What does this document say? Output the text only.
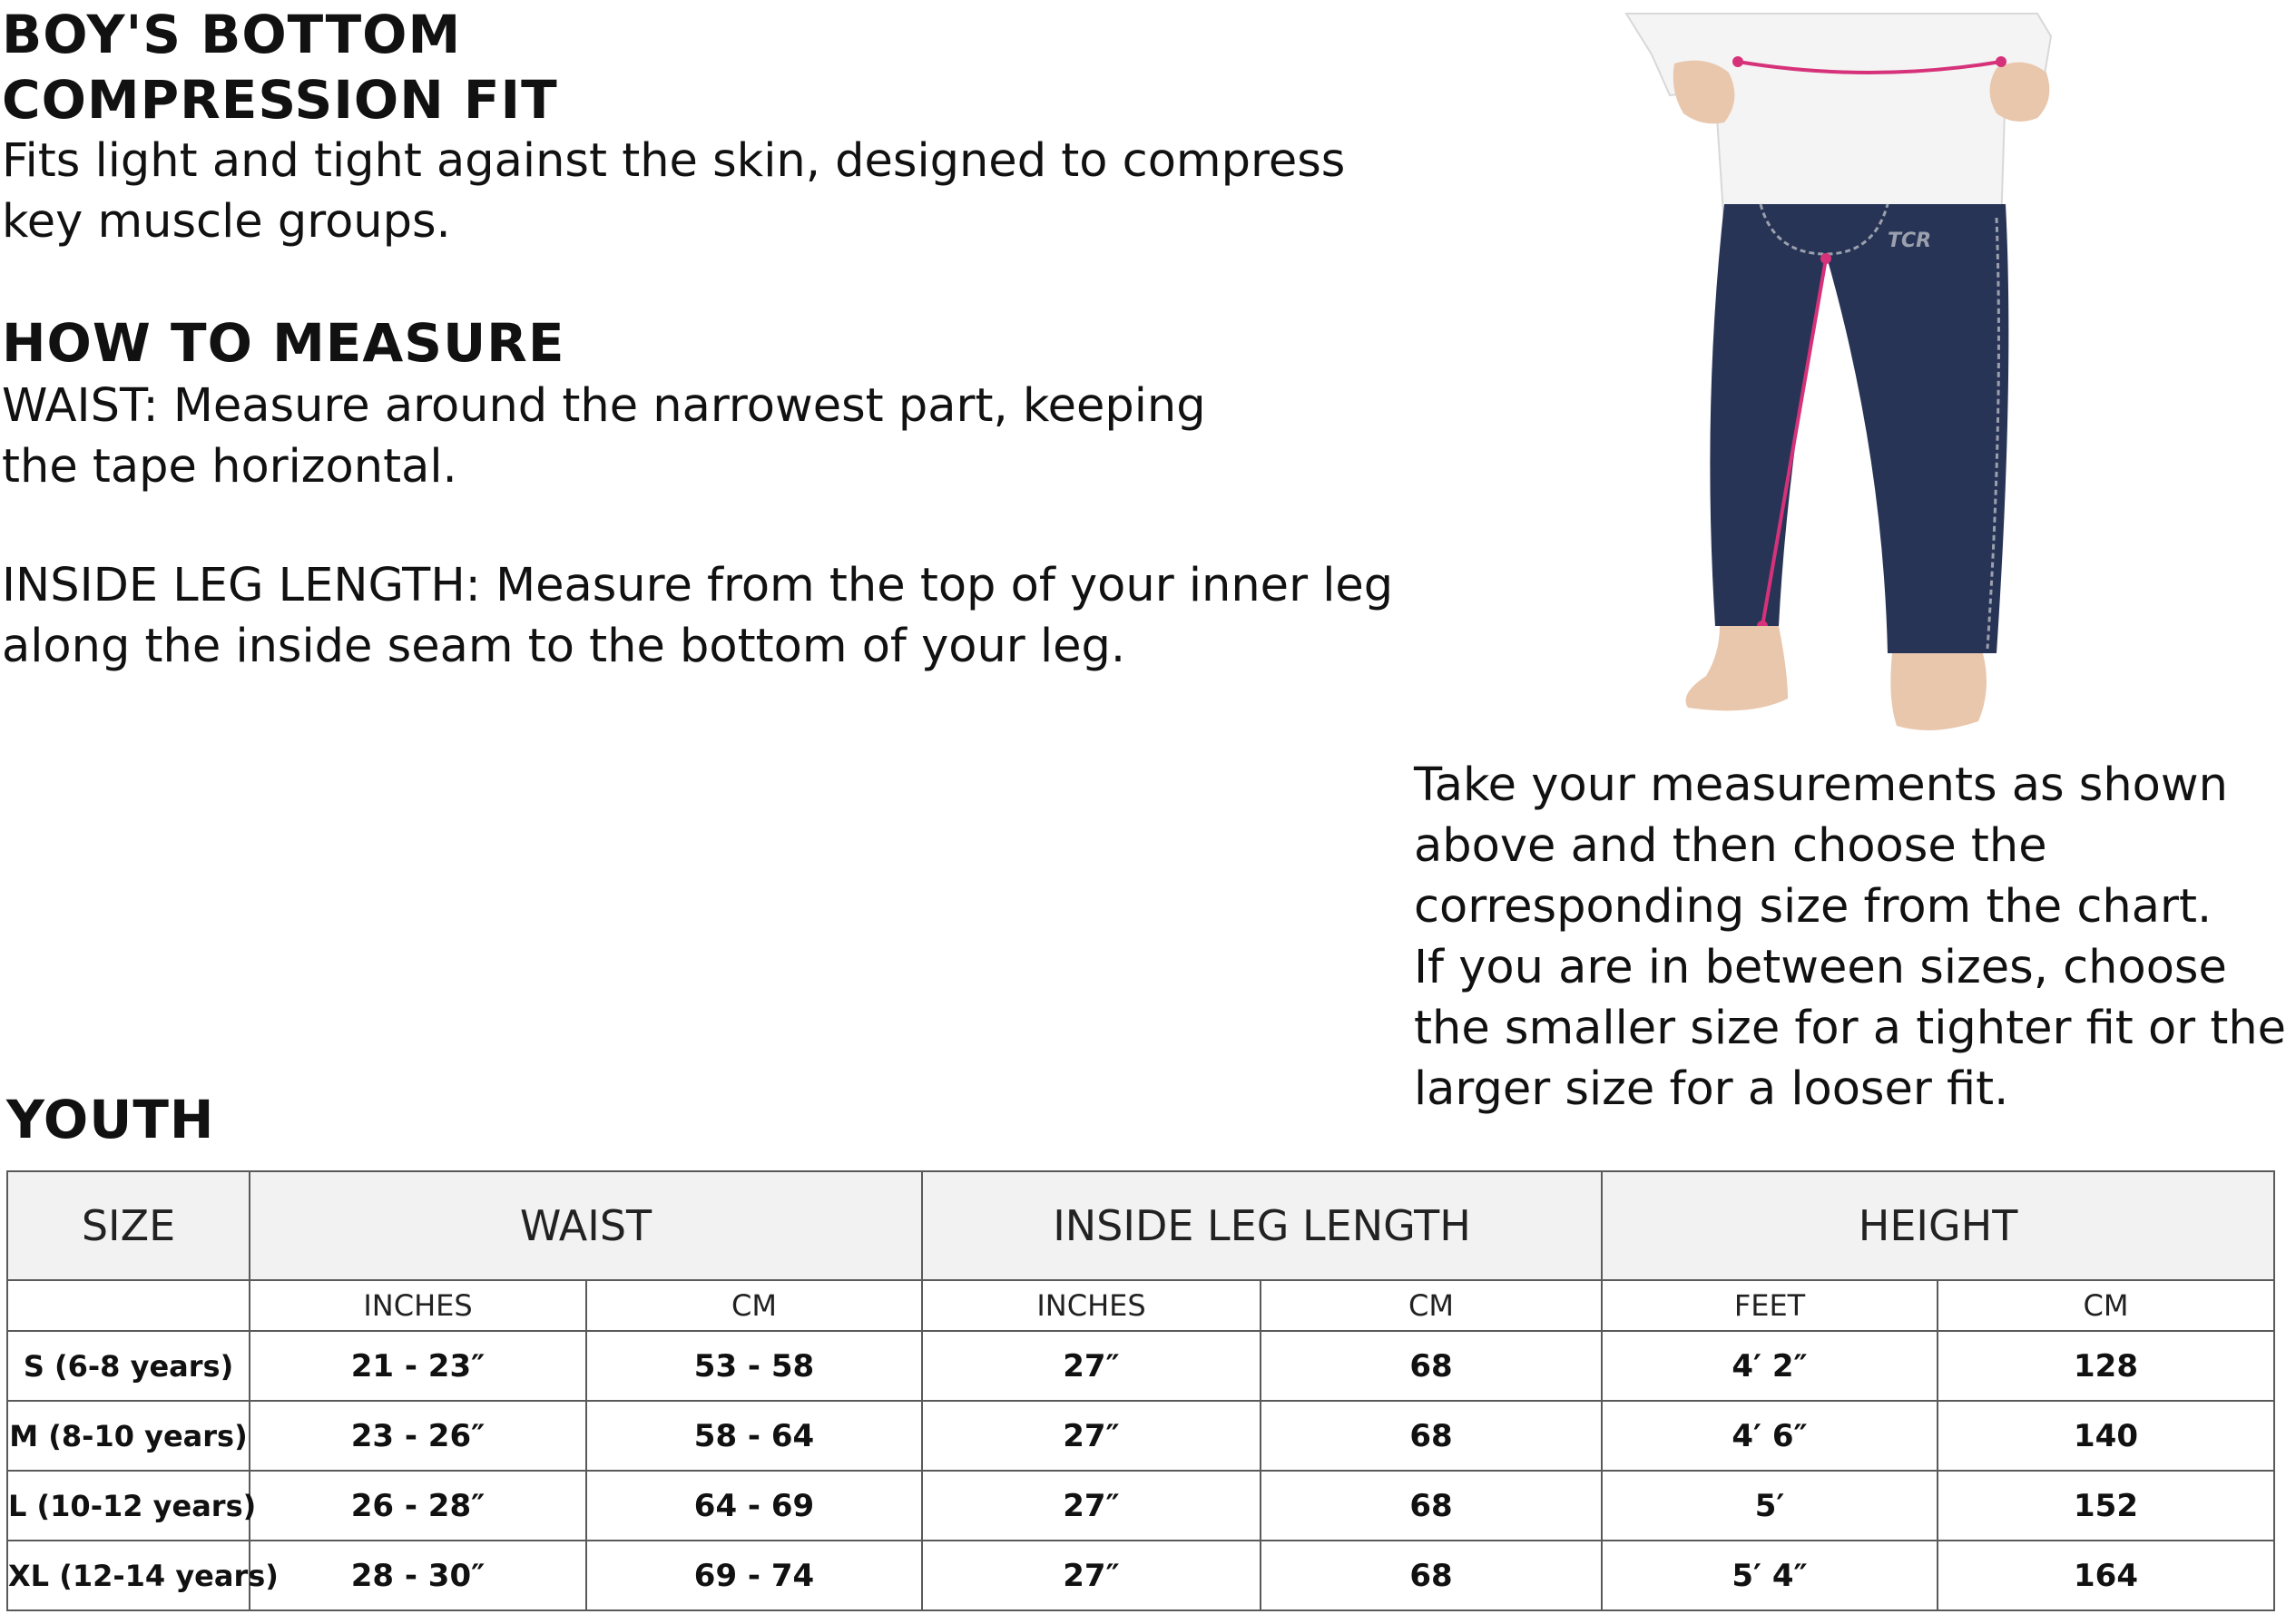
BOY'S BOTTOM
COMPRESSION FIT
Fits light and tight against the skin, designed to compress
key muscle groups.
HOW TO MEASURE
WAIST: Measure around the narrowest part, keeping
the tape horizontal.
INSIDE LEG LENGTH: Measure from the top of your inner leg
along the inside seam to the bottom of your leg.
TCR
Take your measurements as shown
above and then choose the
corresponding size from the chart.
If you are in between sizes, choose
the smaller size for a tighter fit or the
larger size for a looser fit.
YOUTH
SIZE	WAIST		INSIDE LEG LENGTH		HEIGHT	
	INCHES	CM	INCHES	CM	FEET	CM
S (6-8 years)	21 - 23″	53 - 58	27″	68	4′ 2″	128
M (8-10 years)	23 - 26″	58 - 64	27″	68	4′ 6″	140
L (10-12 years)	26 - 28″	64 - 69	27″	68	5′	152
XL (12-14 years)	28 - 30″	69 - 74	27″	68	5′ 4″	164
